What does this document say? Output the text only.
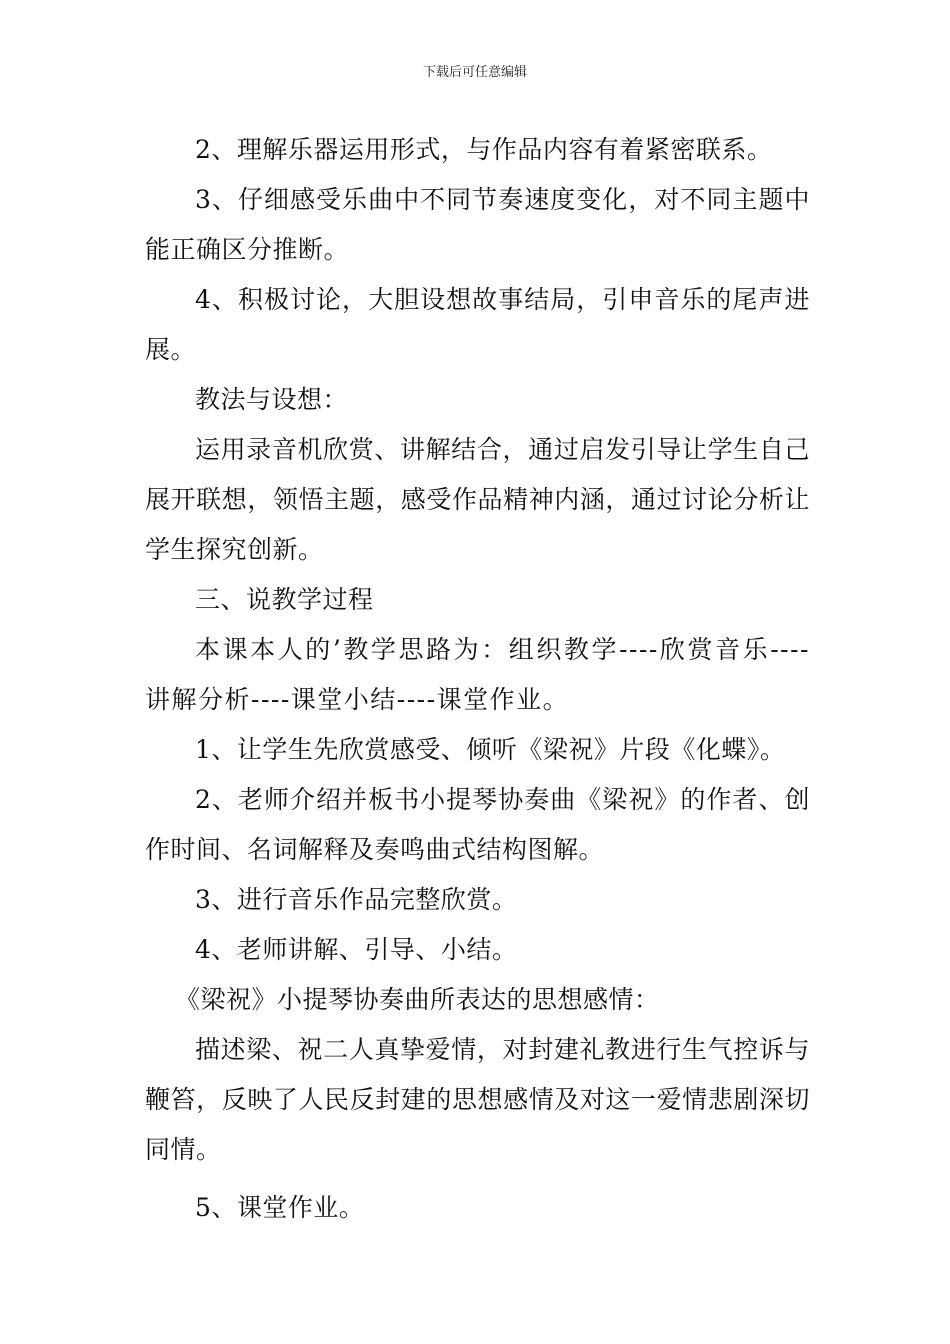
下载后可任意编辑

2、理解乐器运用形式，与作品内容有着紧密联系。

3、仔细感受乐曲中不同节奏速度变化，对不同主题中能正确区分推断。

4、积极讨论，大胆设想故事结局，引申音乐的尾声进展。

教法与设想：

运用录音机欣赏、讲解结合，通过启发引导让学生自己展开联想，领悟主题，感受作品精神内涵，通过讨论分析让学生探究创新。

三、说教学过程

本课本人的’教学思路为：组织教学----欣赏音乐----讲解分析----课堂小结----课堂作业。

1、让学生先欣赏感受、倾听《梁祝》片段《化蝶》。

2、老师介绍并板书小提琴协奏曲《梁祝》的作者、创作时间、名词解释及奏鸣曲式结构图解。

3、进行音乐作品完整欣赏。

4、老师讲解、引导、小结。

《梁祝》小提琴协奏曲所表达的思想感情：

描述梁、祝二人真挚爱情，对封建礼教进行生气控诉与鞭笞，反映了人民反封建的思想感情及对这一爱情悲剧深切同情。

5、课堂作业。
